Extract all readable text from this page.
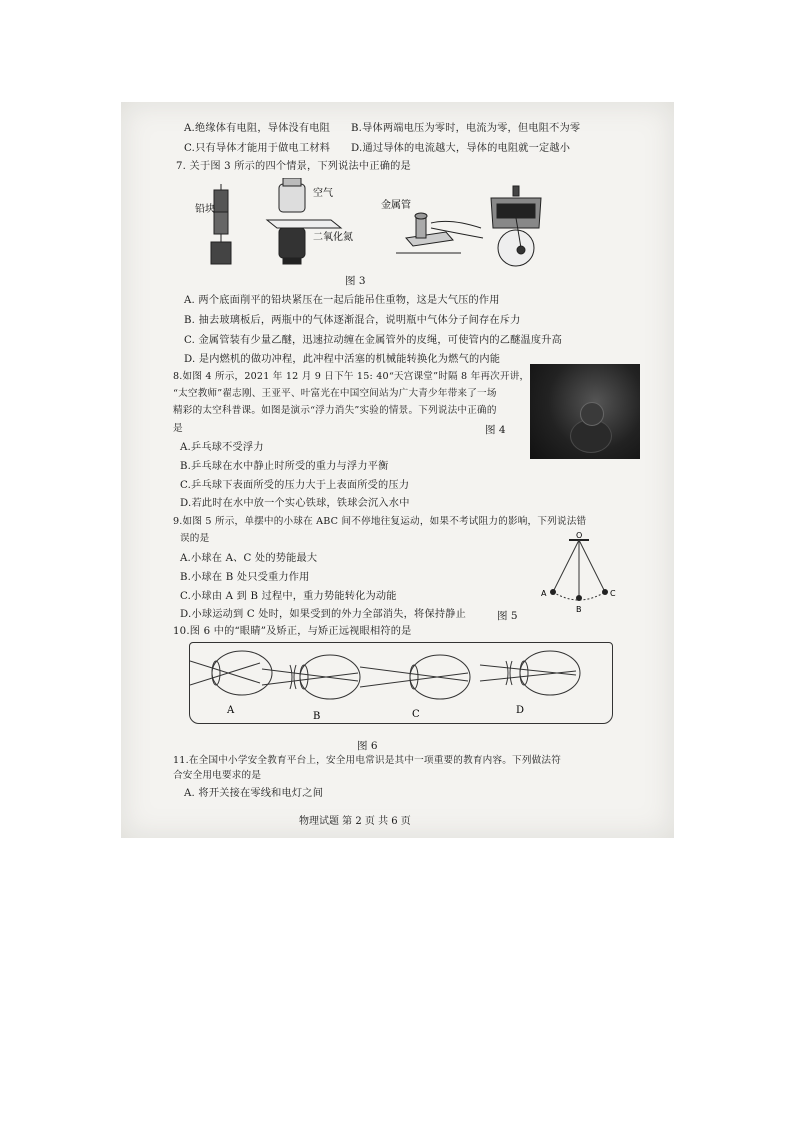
A.绝缘体有电阻，导体没有电阻 B.导体两端电压为零时，电流为零，但电阻不为零
C.只有导体才能用于做电工材料 D.通过导体的电流越大，导体的电阻就一定越小
7. 关于图 3 所示的四个情景，下列说法中正确的是
铅块
空气
二氧化氮
金属管
图 3
A. 两个底面削平的铅块紧压在一起后能吊住重物，这是大气压的作用
B. 抽去玻璃板后，两瓶中的气体逐渐混合，说明瓶中气体分子间存在斥力
C. 金属管装有少量乙醚，迅速拉动缠在金属管外的皮绳，可使管内的乙醚温度升高
D. 是内燃机的做功冲程，此冲程中活塞的机械能转换化为燃气的内能
8.如图 4 所示，2021 年 12 月 9 日下午 15: 40“天宫课堂”时隔 8 年再次开讲，
“太空教师”翟志刚、王亚平、叶富光在中国空间站为广大青少年带来了一场
精彩的太空科普课。如图是演示“浮力消失”实验的情景。下列说法中正确的
是	图 4
A.乒乓球不受浮力
B.乒乓球在水中静止时所受的重力与浮力平衡
C.乒乓球下表面所受的压力大于上表面所受的压力
D.若此时在水中放一个实心铁球，铁球会沉入水中
9.如图 5 所示，单摆中的小球在 ABC 间不停地往复运动，如果不考试阻力的影响，下列说法错
误的是
A.小球在 A、C 处的势能最大
B.小球在 B 处只受重力作用
C.小球由 A 到 B 过程中，重力势能转化为动能
D.小球运动到 C 处时，如果受到的外力全部消失，将保持静止	图 5
O
A
B
C
10.图 6 中的“眼睛”及矫正，与矫正远视眼相符的是
A
B	C	D
图 6
11.在全国中小学安全教育平台上，安全用电常识是其中一项重要的教育内容。下列做法符
合安全用电要求的是
A. 将开关接在零线和电灯之间
物理试题 第 2 页 共 6 页
